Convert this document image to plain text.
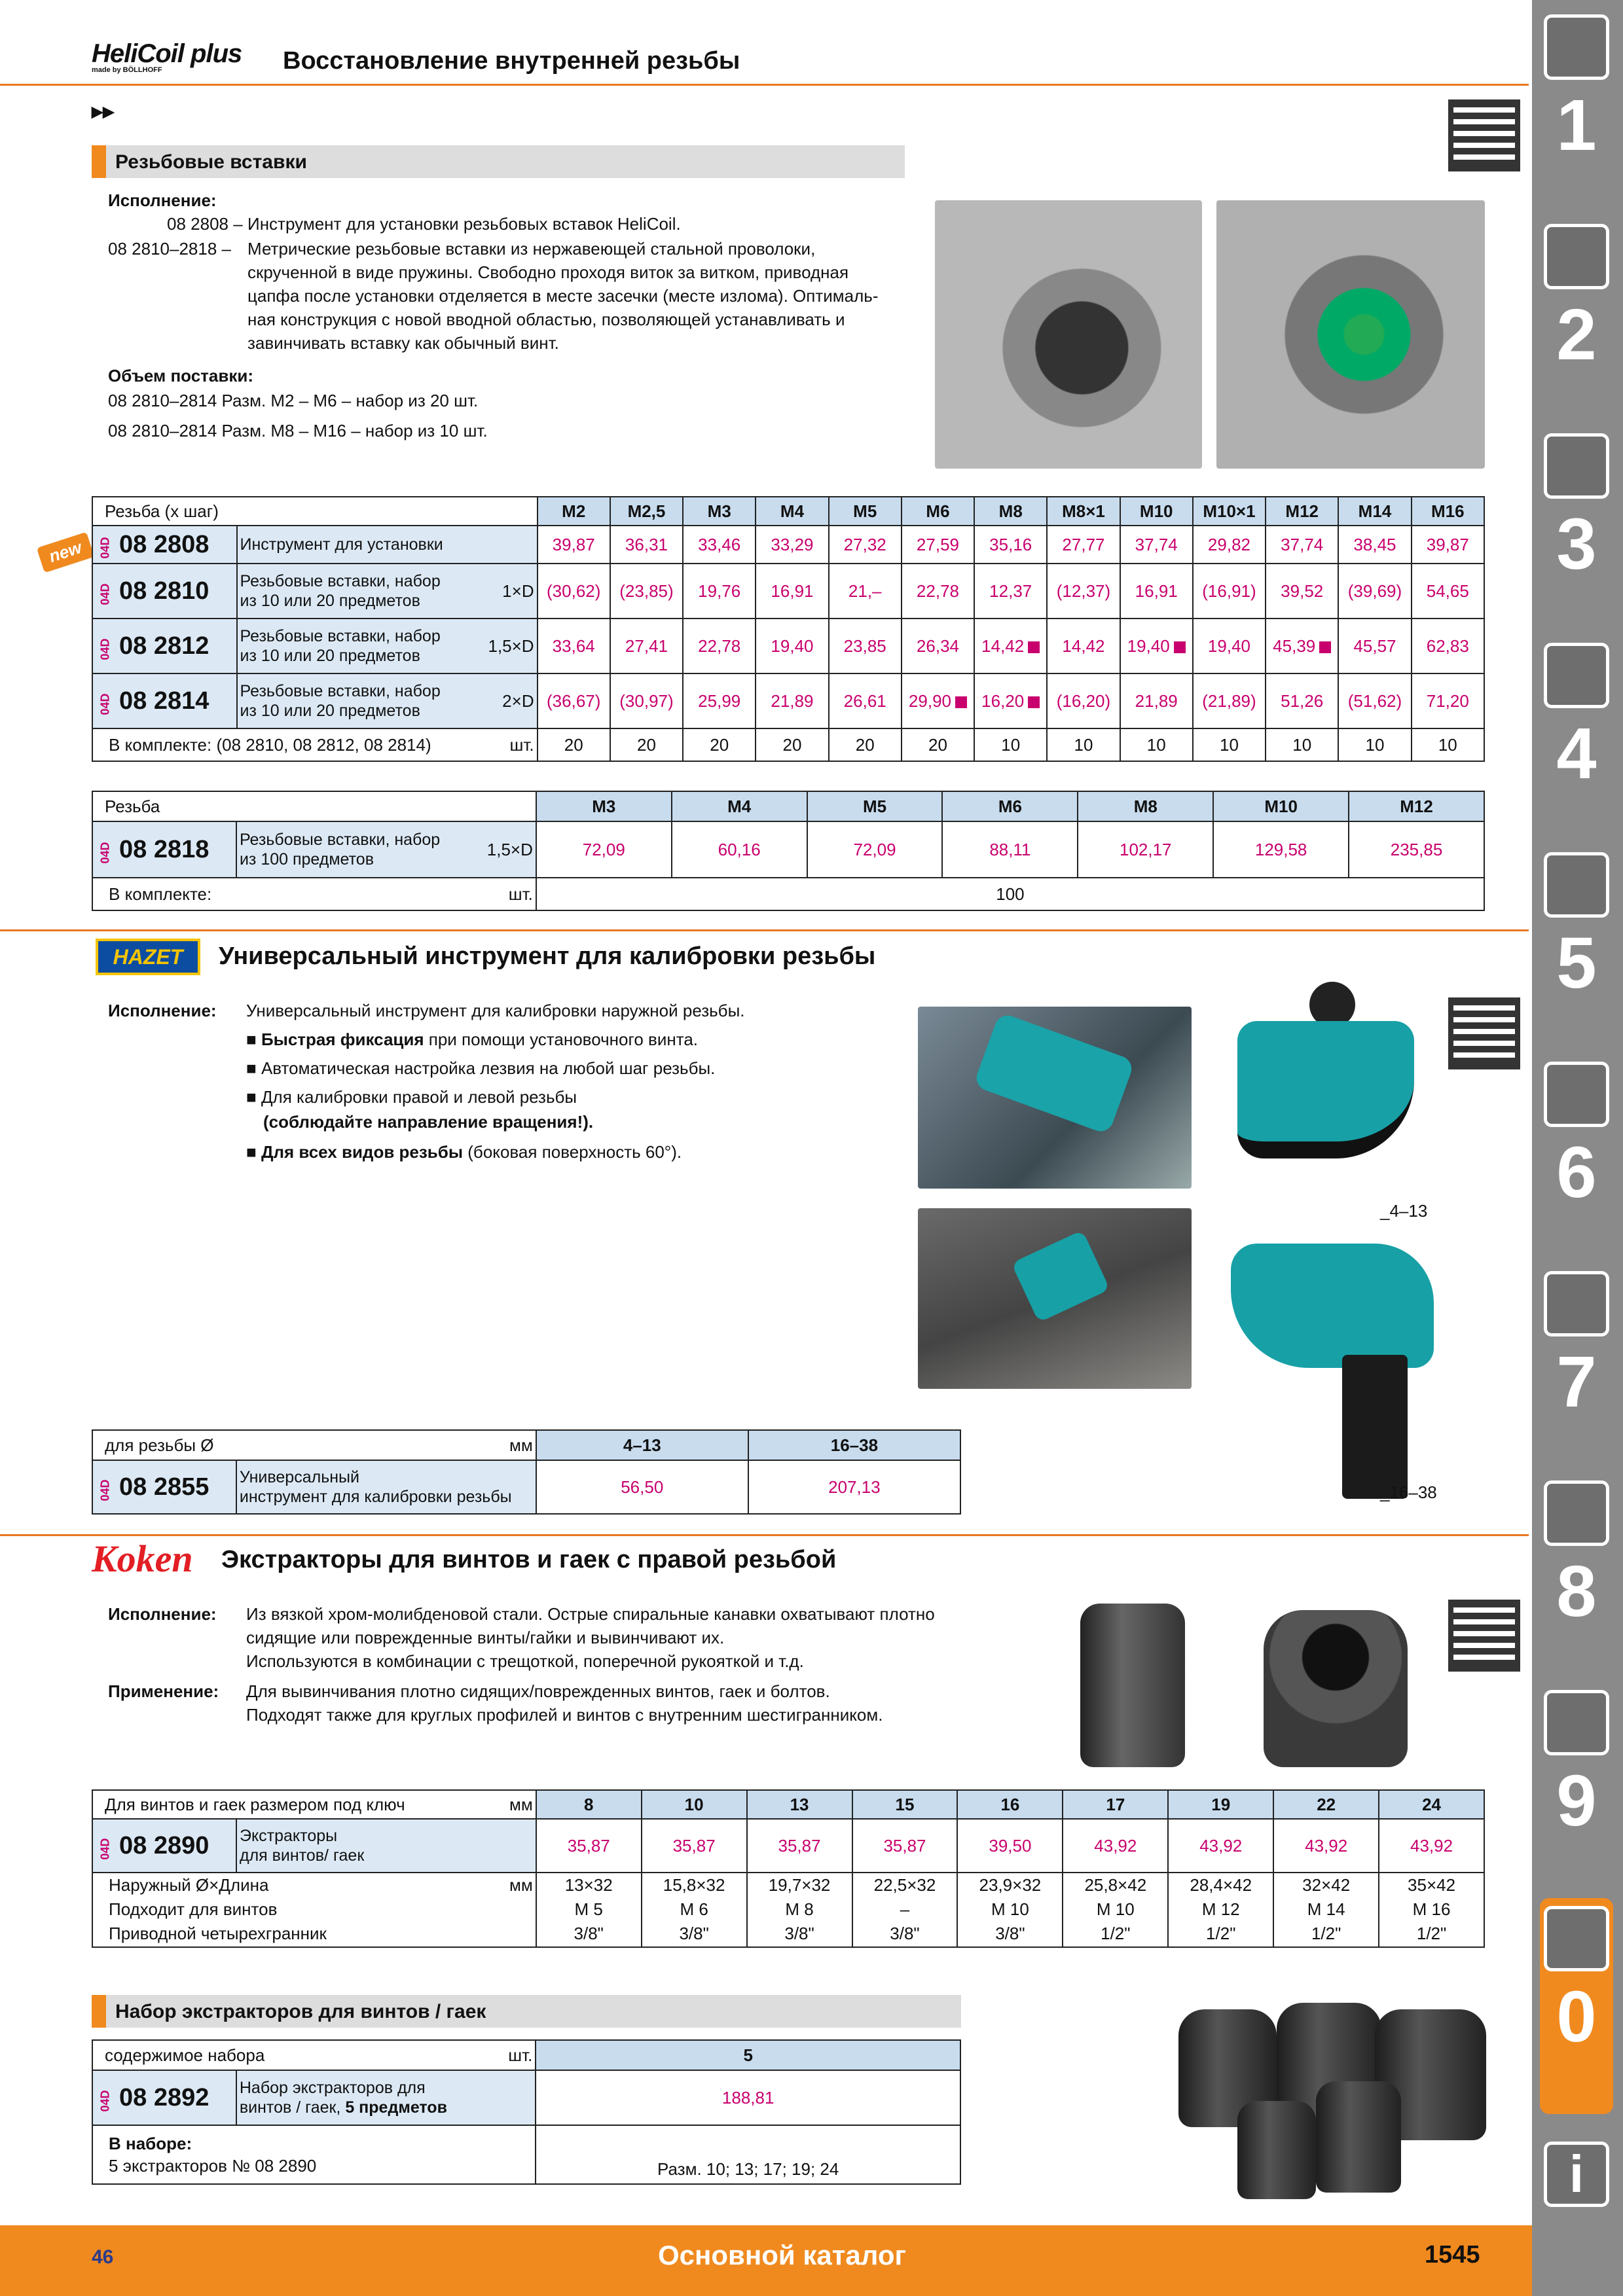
HeliCoil plus
made by BÖLLHOFF	Восстановление внутренней резьбы
▸▸
Резьбовые вставки
Исполнение:
08 2808 – Инструмент для установки резьбовых вставок HeliCoil.
08 2810–2818 – Метрические резьбовые вставки из нержавеющей стальной проволоки,
скрученной в виде пружины. Свободно проходя виток за витком, приводная
цапфа после установки отделяется в месте засечки (месте излома). Оптималь-
ная конструкция с новой вводной областью, позволяющей устанавливать и
завинчивать вставку как обычный винт.
Объем поставки:
08 2810–2814 Разм. M2 – M6 – набор из 20 шт.
08 2810–2814 Разм. M8 – M16 – набор из 10 шт.
new
Резьба (x шаг)			M2	M2,5	M3	M4	M5	M6	M8	M8×1	M10	M10×1	M12	M14	M16
04D 08 2808	Инструмент для установки		39,87	36,31	33,46	33,29	27,32	27,59	35,16	27,77	37,74	29,82	37,74	38,45	39,87
04D 08 2810	Резьбовые вставки, набор
из 10 или 20 предметов	1×D	(30,62)	(23,85)	19,76	16,91	21,–	22,78	12,37	(12,37)	16,91	(16,91)	39,52	(39,69)	54,65
04D 08 2812	Резьбовые вставки, набор
из 10 или 20 предметов	1,5×D	33,64	27,41	22,78	19,40	23,85	26,34	14,42	14,42	19,40	19,40	45,39	45,57	62,83
04D 08 2814	Резьбовые вставки, набор
из 10 или 20 предметов	2×D	(36,67)	(30,97)	25,99	21,89	26,61	29,90	16,20	(16,20)	21,89	(21,89)	51,26	(51,62)	71,20
В комплекте: (08 2810, 08 2812, 08 2814)		шт.	20	20	20	20	20	20	10	10	10	10	10	10	10
Резьба			M3	M4	M5	M6	M8	M10	M12
04D 08 2818	Резьбовые вставки, набор
из 100 предметов	1,5×D	72,09	60,16	72,09	88,11	102,17	129,58	235,85
В комплекте:		шт.	100						
HAZET	Универсальный инструмент для калибровки резьбы
Исполнение: Универсальный инструмент для калибровки наружной резьбы.
■ Быстрая фиксация при помощи установочного винта.
■ Автоматическая настройка лезвия на любой шаг резьбы.
■ Для калибровки правой и левой резьбы
(соблюдайте направление вращения!).
■ Для всех видов резьбы (боковая поверхность 60°).
_4–13
_16–38
для резьбы Ø		мм	4–13	16–38
04D 08 2855	Универсальный
инструмент для калибровки резьбы		56,50	207,13
Koken Экстракторы для винтов и гаек с правой резьбой
Исполнение: Из вязкой хром-молибденовой стали. Острые спиральные канавки охватывают плотно
сидящие или поврежденные винты/гайки и вывинчивают их.
Используются в комбинации с трещоткой, поперечной рукояткой и т.д.
Применение: Для вывинчивания плотно сидящих/поврежденных винтов, гаек и болтов.
Подходят также для круглых профилей и винтов с внутренним шестигранником.
Для винтов и гаек размером под ключ		мм	8	10	13	15	16	17	19	22	24
04D 08 2890	Экстракторы
для винтов/ гаек		35,87	35,87	35,87	35,87	39,50	43,92	43,92	43,92	43,92
Наружный Ø×Длина		мм	13×32	15,8×32	19,7×32	22,5×32	23,9×32	25,8×42	28,4×42	32×42	35×42
Подходит для винтов			M 5	M 6	M 8	–	M 10	M 10	M 12	M 14	M 16
Приводной четырехгранник			3/8"	3/8"	3/8"	3/8"	3/8"	1/2"	1/2"	1/2"	1/2"
Набор экстракторов для винтов / гаек
содержимое набора		шт.	5
04D 08 2892	Набор экстракторов для
винтов / гаек, 5 предметов		188,81

В наборе:
5 экстракторов № 08 2890			Разм. 10; 13; 17; 19; 24
1
2
3
4
5
6
7
8
9
0
i
46	Основной каталог	1545
